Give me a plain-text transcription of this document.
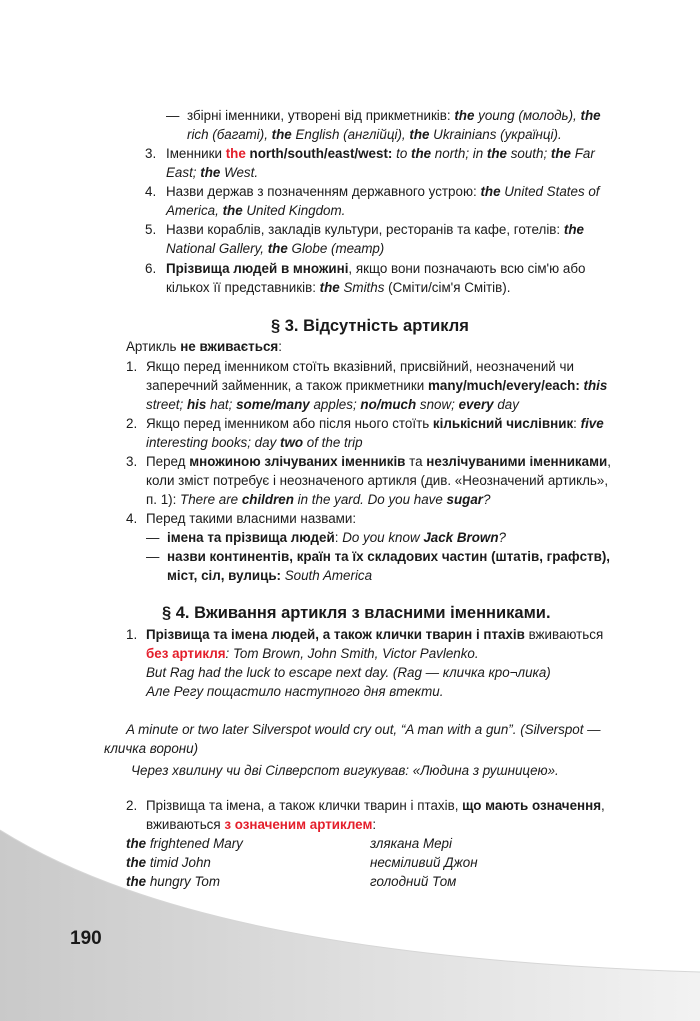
— збірні іменники, утворені від прикметників: the young (молодь), the
rich (багаті), the English (англійці), the Ukrainians (українці).
3. Іменники the north/south/east/west: to the north; in the south; the Far
East; the West.
4. Назви держав з позначенням державного устрою: the United States of
America, the United Kingdom.
5. Назви кораблів, закладів культури, ресторанів та кафе, готелів: the
National Gallery, the Globe (театр)
6. Прізвища людей в множині, якщо вони позначають всю сім'ю або
кількох її представників: the Smiths (Сміти/сім'я Смітів).
§ 3. Відсутність артикля
Артикль не вживається:
1. Якщо перед іменником стоїть вказівний, присвійний, неозначений чи
заперечний займенник, а також прикметники many/much/every/each: this
street; his hat; some/many apples; no/much snow; every day
2. Якщо перед іменником або після нього стоїть кількісний числівник: five
interesting books; day two of the trip
3. Перед множиною злічуваних іменників та незлічуваними іменниками,
коли зміст потребує і неозначеного артикля (див. «Неозначений артикль»,
п. 1): There are children in the yard. Do you have sugar?
4. Перед такими власними назвами:
— імена та прізвища людей: Do you know Jack Brown?
— назви континентів, країн та їх складових частин (штатів, графств),
міст, сіл, вулиць: South America
§ 4. Вживання артикля з власними іменниками.
1. Прізвища та імена людей, а також клички тварин і птахів вживаються
без артикля: Tom Brown, John Smith, Victor Pavlenko.
But Rag had the luck to escape next day. (Rag — кличка кро¬лика)
Але Регу пощастило наступного дня втекти.
A minute or two later Silverspot would cry out, “A man with a gun”. (Silverspot —
кличка ворони)
Через хвилину чи дві Сілверспот вигукував: «Людина з рушницею».
2. Прізвища та імена, а також клички тварин і птахів, що мають означення,
вживаються з означеним артиклем:
the frightened Mary	злякана Мері
the timid John	несміливий Джон
the hungry Tom	голодний Том
190
